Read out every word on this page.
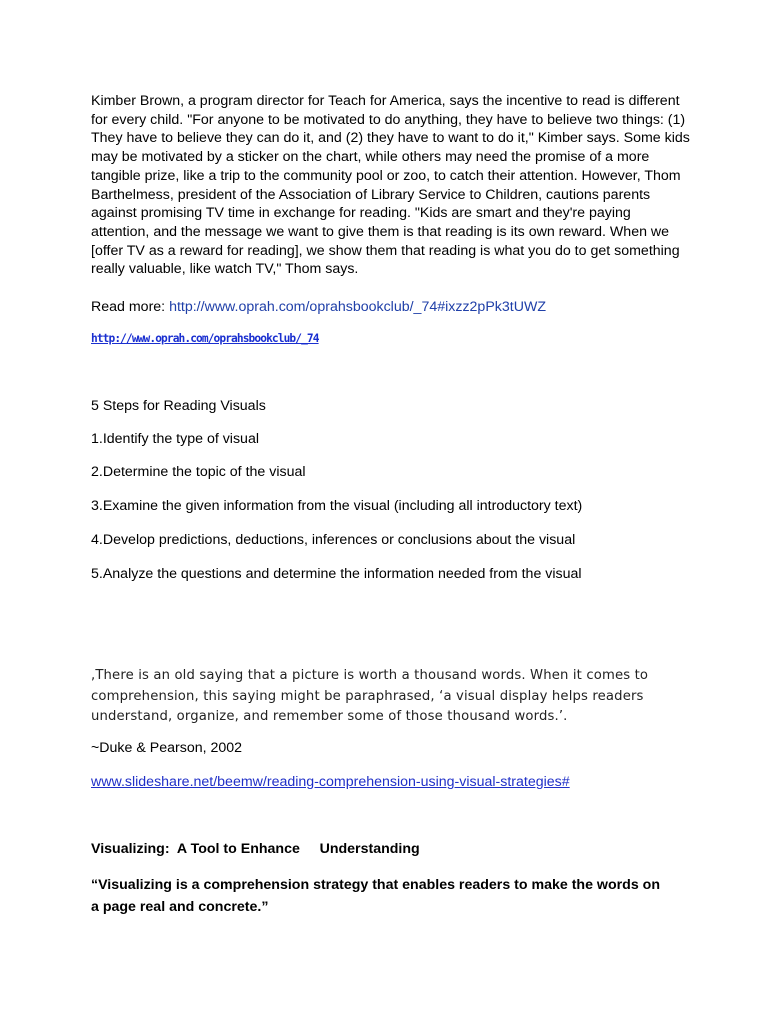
Kimber Brown, a program director for Teach for America, says the incentive to read is different for every child. "For anyone to be motivated to do anything, they have to believe two things: (1) They have to believe they can do it, and (2) they have to want to do it," Kimber says. Some kids may be motivated by a sticker on the chart, while others may need the promise of a more tangible prize, like a trip to the community pool or zoo, to catch their attention. However, Thom Barthelmess, president of the Association of Library Service to Children, cautions parents against promising TV time in exchange for reading. "Kids are smart and they're paying attention, and the message we want to give them is that reading is its own reward. When we [offer TV as a reward for reading], we show them that reading is what you do to get something really valuable, like watch TV," Thom says.

Read more: http://www.oprah.com/oprahsbookclub/_74#ixzz2pPk3tUWZ

http://www.oprah.com/oprahsbookclub/_74
5 Steps for Reading Visuals
1.Identify the type of visual
2.Determine the topic of the visual
3.Examine the given information from the visual (including all introductory text)
4.Develop predictions, deductions, inferences or conclusions about the visual
5.Analyze the questions and determine the information needed from the visual

,There is an old saying that a picture is worth a thousand words. When it comes to comprehension, this saying might be paraphrased, ‘a visual display helps readers understand, organize, and remember some of those thousand words.’.

~Duke & Pearson, 2002
www.slideshare.net/beemw/reading-comprehension-using-visual-strategies#
Visualizing:  A Tool to Enhance     Understanding

“Visualizing is a comprehension strategy that enables readers to make the words on a page real and concrete.”
